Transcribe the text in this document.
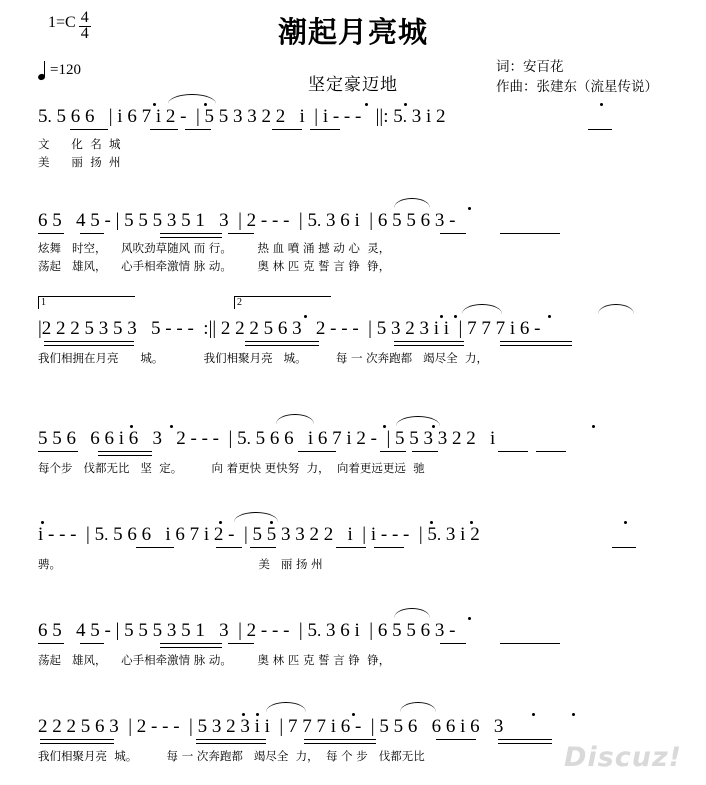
$1=C \frac{4}{4}$
=120
潮起月亮城
坚定豪迈地
词：安百花
作曲：张建东（流星传说）
5. 5 6 6   | i 6 7 i 2 -  | 5 5 3 3 2 2   i  | i - - -   ||: 5. 3 i 2
文      化  名  城
美      丽  扬  州
6 5   4 5 - | 5 5 5 3 5 1   3  | 2 - - -  | 5. 3 6 i  | 6 5 5 6 3 -
炫舞   时空，    风吹劲草随风 而 行。       热 血 噴 涌 撼 动 心  灵，
荡起   雄风，    心手相牵激情 脉 动。       奥 林 匹 克 誓 言 铮  铮，
1	2
|2 2 2 5 3 5 3   5 - - -  :|| 2 2 2 5 6 3   2 - - -  | 5 3 2 3 i i  | 7 7 7 i 6 -
我们相拥在月亮      城。           我们相聚月亮   城。        每 一 次奔跑都   竭尽全  力，
5 5 6   6 6 i 6   3   2 - - -  | 5. 5 6 6   i 6 7 i 2 -  | 5 5 3 3 2 2   i
每个步   伐都无比   坚  定。        向 着更快 更快努  力，  向着更远更远  驰
i - - -  | 5. 5 6 6   i 6 7 i 2 -  | 5 5 3 3 2 2   i  | i - - -  | 5. 3 i 2
骋。                                                      美   丽 扬 州
6 5   4 5 - | 5 5 5 3 5 1   3  | 2 - - -  | 5. 3 6 i  | 6 5 5 6 3 -
荡起   雄风，    心手相牵激情 脉 动。       奥 林 匹 克 誓 言 铮  铮，
2 2 2 5 6 3  | 2 - - -  | 5 3 2 3 i i  | 7 7 7 i 6 -  | 5 5 6   6 6 i 6   3
我们相聚月亮  城。        每 一 次奔跑都   竭尽全  力，  每 个 步   伐都无比	Discuz!
